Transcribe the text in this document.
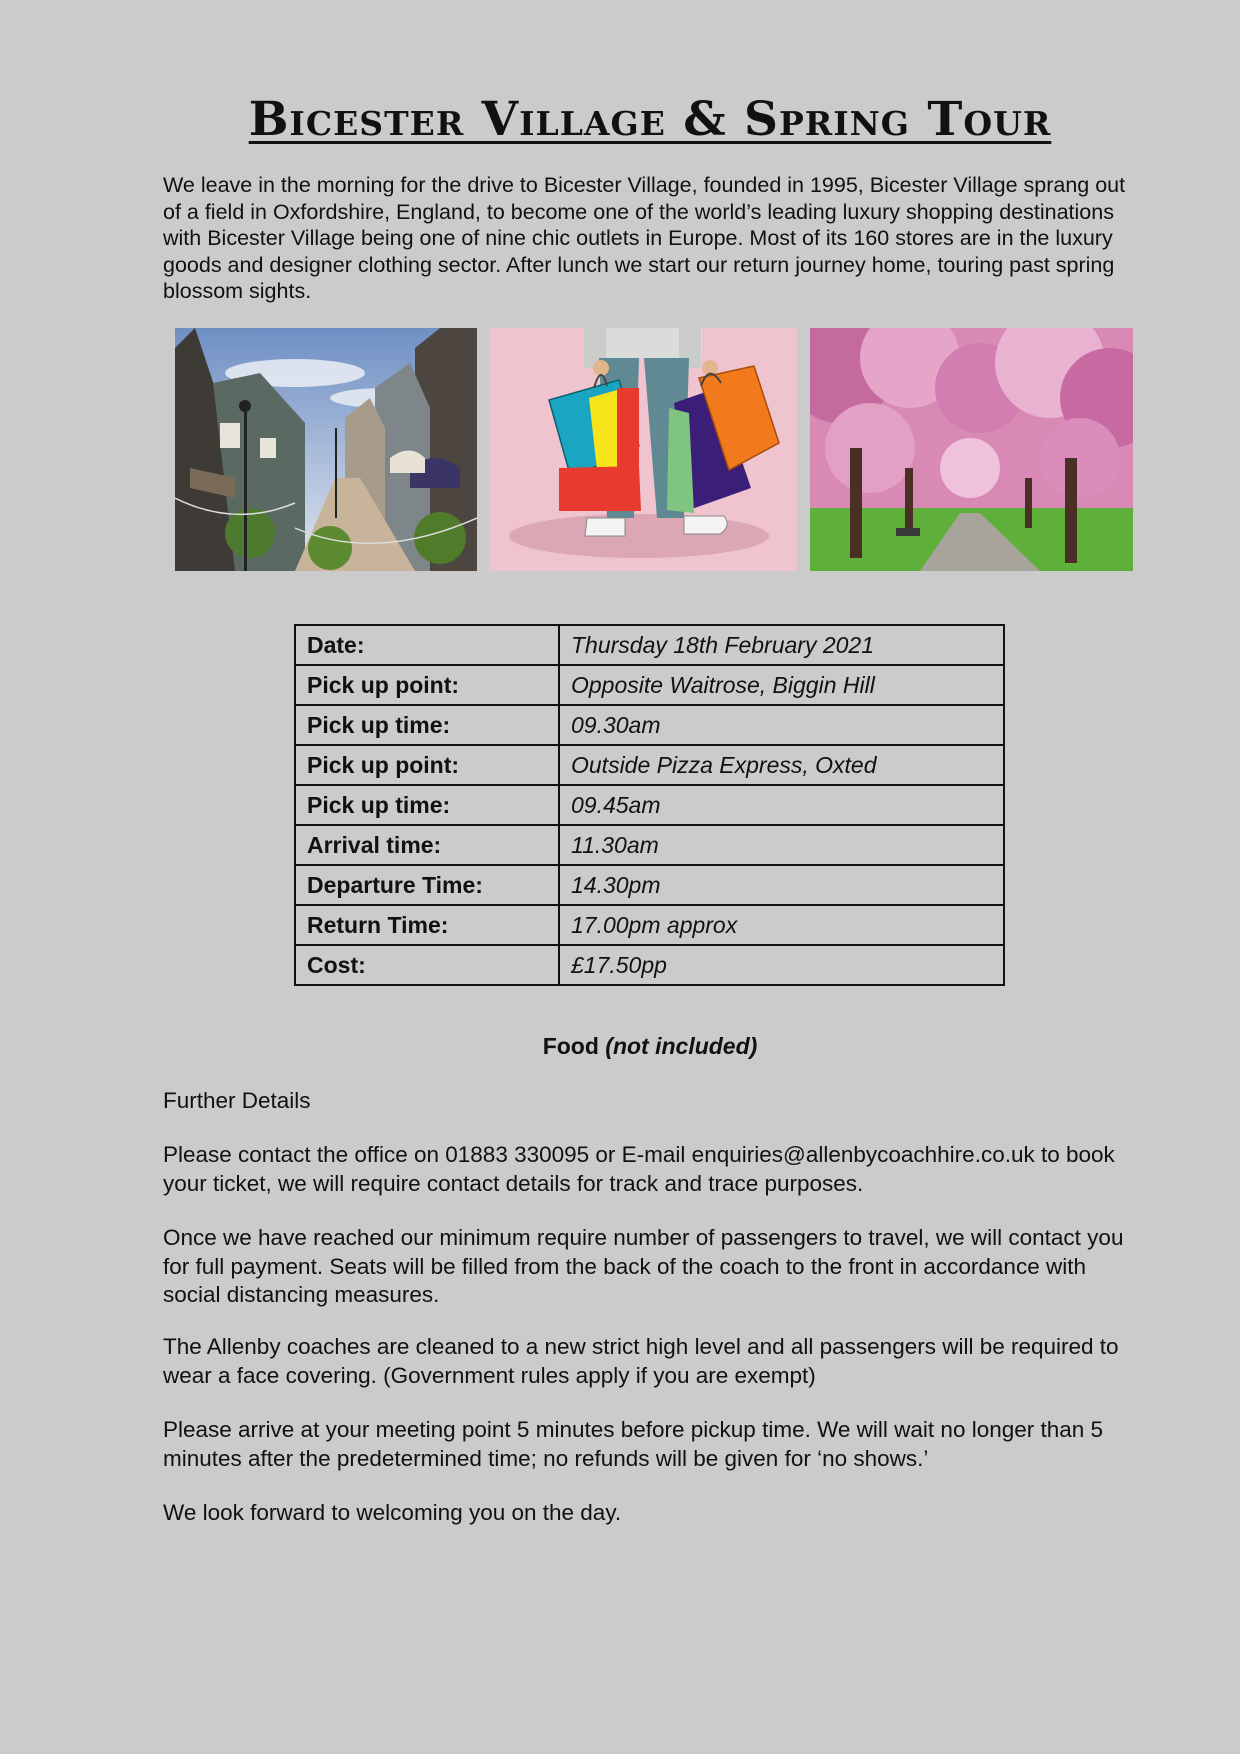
Bicester Village & Spring Tour
We leave in the morning for the drive to Bicester Village, founded in 1995, Bicester Village sprang out of a field in Oxfordshire, England, to become one of the world’s leading luxury shopping destinations with Bicester Village being one of nine chic outlets in Europe. Most of its 160 stores are in the luxury goods and designer clothing sector. After lunch we start our return journey home, touring past spring blossom sights.
Date:	Thursday 18th February 2021
Pick up point:	Opposite Waitrose, Biggin Hill
Pick up time:	09.30am
Pick up point:	Outside Pizza Express, Oxted
Pick up time:	09.45am
Arrival time:	11.30am
Departure Time:	14.30pm
Return Time:	17.00pm approx
Cost:	£17.50pp
Food (not included)
Further Details
Please contact the office on 01883 330095 or E-mail enquiries@allenbycoachhire.co.uk to book your ticket, we will require contact details for track and trace purposes.
Once we have reached our minimum require number of passengers to travel, we will contact you for full payment. Seats will be filled from the back of the coach to the front in accordance with social distancing measures.
The Allenby coaches are cleaned to a new strict high level and all passengers will be required to wear a face covering. (Government rules apply if you are exempt)
Please arrive at your meeting point 5 minutes before pickup time. We will wait no longer than 5 minutes after the predetermined time; no refunds will be given for ‘no shows.’
We look forward to welcoming you on the day.
